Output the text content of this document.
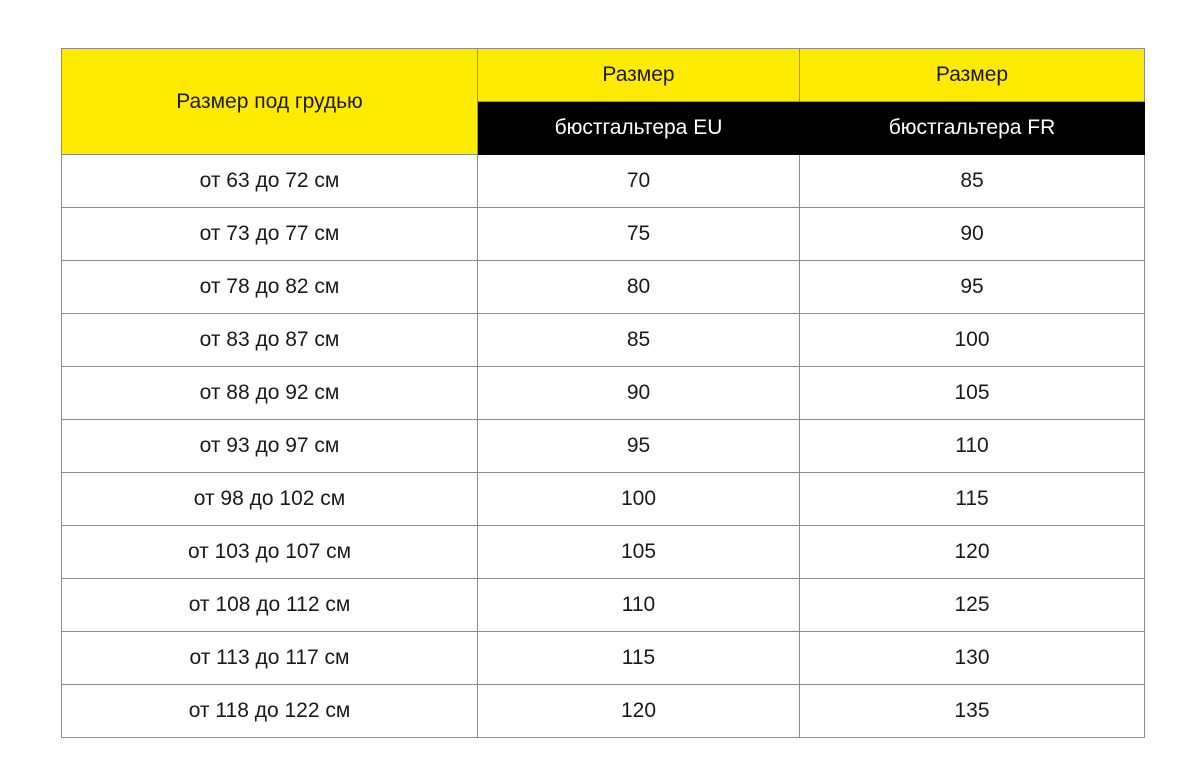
Размер под грудью	Размер	Размер
	бюстгальтера EU	бюстгальтера FR
от 63 до 72 см	70	85
от 73 до 77 см	75	90
от 78 до 82 см	80	95
от 83 до 87 см	85	100
от 88 до 92 см	90	105
от 93 до 97 см	95	110
от 98 до 102 см	100	115
от 103 до 107 см	105	120
от 108 до 112 см	110	125
от 113 до 117 см	115	130
от 118 до 122 см	120	135
